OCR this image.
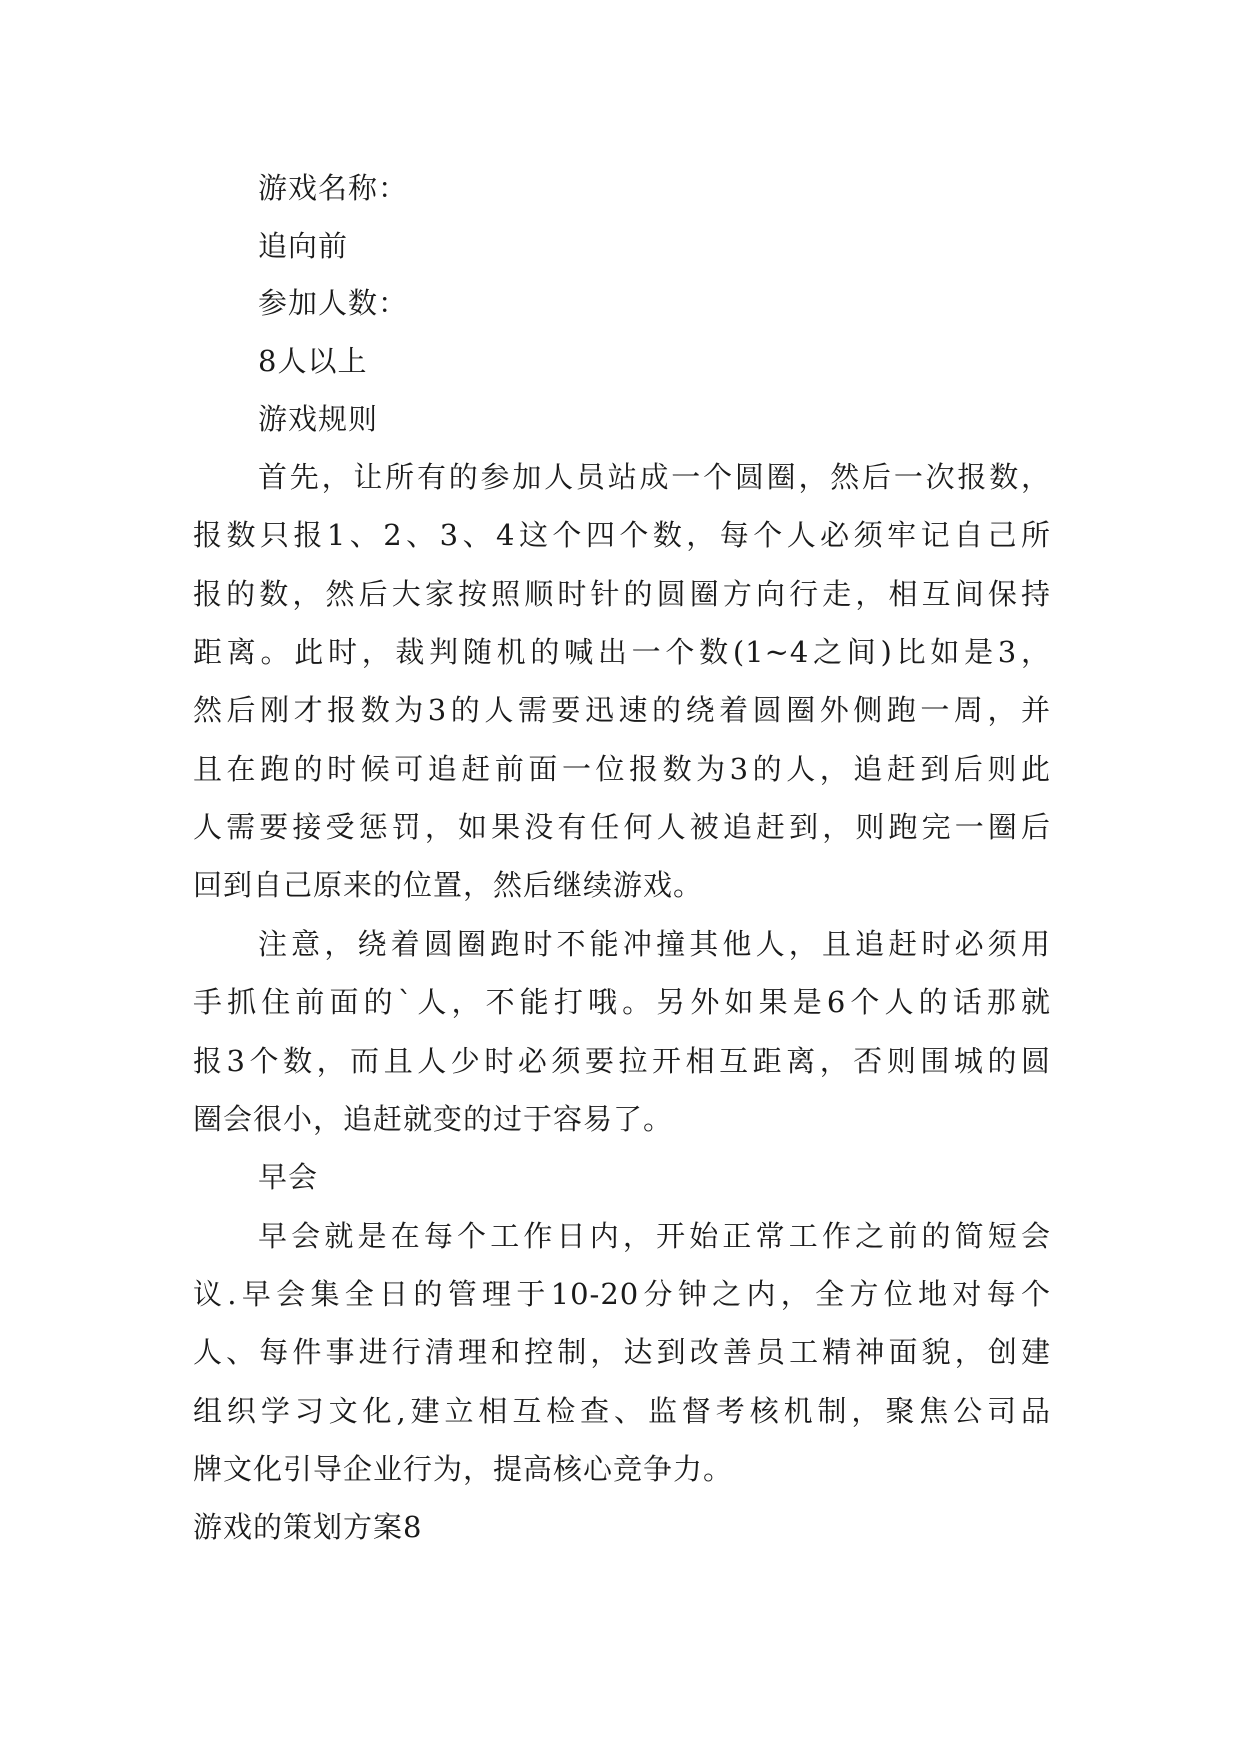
游戏名称：
追向前
参加人数：
8人以上
游戏规则
首先，让所有的参加人员站成一个圆圈，然后一次报数，
报数只报1、2、3、4这个四个数，每个人必须牢记自己所
报的数，然后大家按照顺时针的圆圈方向行走，相互间保持
距离。此时，裁判随机的喊出一个数(1~4之间)比如是3，
然后刚才报数为3的人需要迅速的绕着圆圈外侧跑一周，并
且在跑的时候可追赶前面一位报数为3的人，追赶到后则此
人需要接受惩罚，如果没有任何人被追赶到，则跑完一圈后
回到自己原来的位置，然后继续游戏。
注意，绕着圆圈跑时不能冲撞其他人，且追赶时必须用
手抓住前面的`人，不能打哦。另外如果是6个人的话那就
报3个数，而且人少时必须要拉开相互距离，否则围城的圆
圈会很小，追赶就变的过于容易了。
早会
早会就是在每个工作日内，开始正常工作之前的简短会
议.早会集全日的管理于10-20分钟之内，全方位地对每个
人、每件事进行清理和控制，达到改善员工精神面貌，创建
组织学习文化,建立相互检查、监督考核机制，聚焦公司品
牌文化引导企业行为，提高核心竞争力。
游戏的策划方案8
